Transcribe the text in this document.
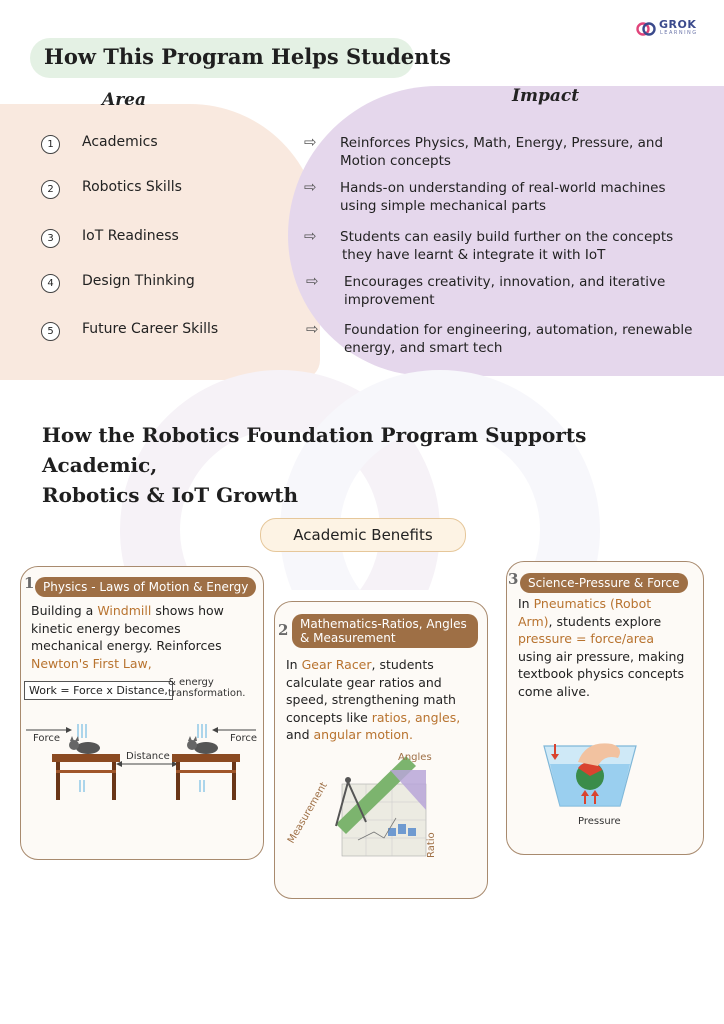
GROK
LEARNING
How This Program Helps Students
Area	Impact
1	Academics	⇨ Reinforces Physics, Math, Energy, Pressure, and
Motion concepts
2	Robotics Skills	⇨ Hands-on understanding of real-world machines
using simple mechanical parts
3	IoT Readiness	⇨ Students can easily build further on the concepts
they have learnt & integrate it with IoT
4	Design Thinking	⇨ Encourages creativity, innovation, and iterative
improvement
5	Future Career Skills	⇨ Foundation for engineering, automation, renewable
energy, and smart tech
How the Robotics Foundation Program Supports Academic,
Robotics & IoT Growth
Academic Benefits
1 Physics - Laws of Motion & Energy
Building a Windmill shows how
kinetic energy becomes
mechanical energy. Reinforces
Newton's First Law,
Work = Force x Distance,
& energy
transformation.
Force	Force
Distance
2 Mathematics-Ratios, Angles
& Measurement
In Gear Racer, students
calculate gear ratios and
speed, strengthening math
concepts like ratios, angles,
and angular motion.
Angles
Measurement	Ratio
3 Science-Pressure & Force
In Pneumatics (Robot
Arm), students explore
pressure = force/area
using air pressure, making
textbook physics concepts
come alive.
Pressure
